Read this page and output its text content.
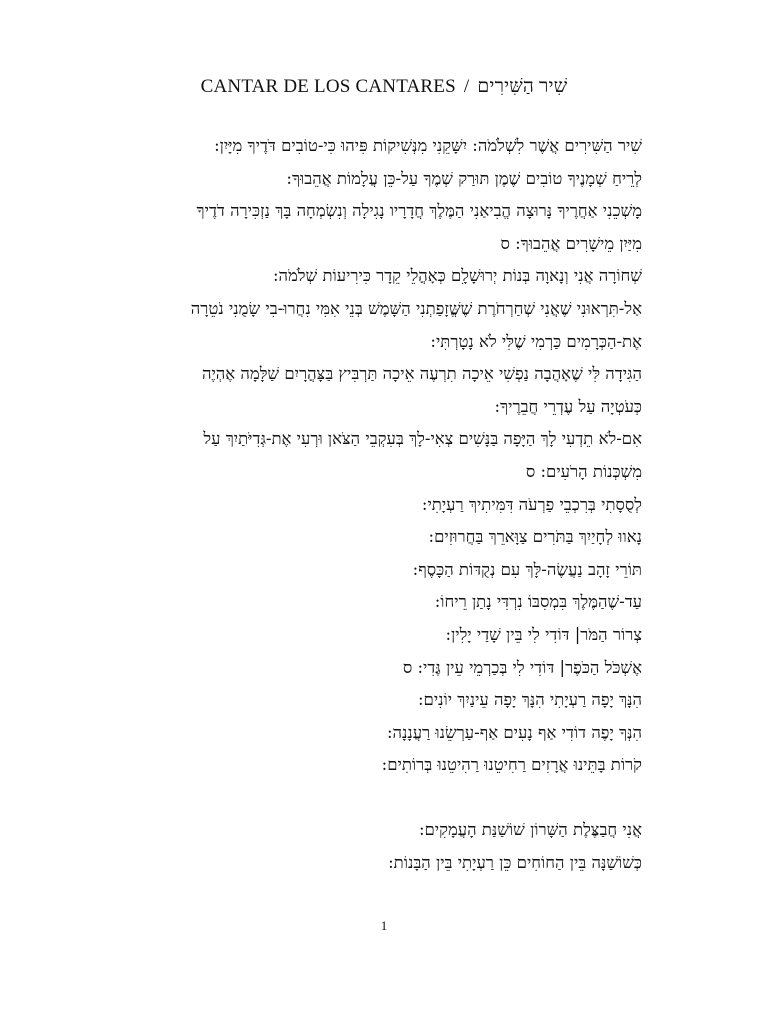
CANTAR DE LOS CANTARES / שִׁיר הַשִּׁירִים
שִׁיר הַשִּׁירִים אֲשֶׁר לִשְׁלֹמֹה: יִשָּׁקֵנִי מִנְּשִׁיקוֹת פִּיהוּ כִּי-טוֹבִים דֹּדֶיךָ מִיָּיִן:
לְרֵיחַ שְׁמָנֶיךָ טוֹבִים שֶׁמֶן תּוּרַק שְׁמֶךָ עַל-כֵּן עֲלָמוֹת אֲהֵבוּךָ:
מָשְׁכֵנִי אַחֲרֶיךָ נָּרוּצָה הֱבִיאַנִי הַמֶּלֶךְ חֲדָרָיו נָגִילָה וְנִשְׂמְחָה בָּךְ נַזְכִּירָה דֹדֶיךָ
מִיַּיִן מֵישָׁרִים אֲהֵבוּךָ: ס
שְׁחוֹרָה אֲנִי וְנָאוָה בְּנוֹת יְרוּשָׁלִָם כְּאָהֳלֵי קֵדָר כִּירִיעוֹת שְׁלֹמֹה:
אַל-תִּרְאוּנִי שֶׁאֲנִי שְׁחַרְחֹרֶת שֶׁשֱּׁזָפַתְנִי הַשָּׁמֶשׁ בְּנֵי אִמִּי נִחֲרוּ-בִי שָׂמֻנִי נֹטֵרָה
אֶת-הַכְּרָמִים כַּרְמִי שֶׁלִּי לֹא נָטָרְתִּי:
הַגִּידָה לִּי שֶׁאָהֲבָה נַפְשִׁי אֵיכָה תִרְעֶה אֵיכָה תַּרְבִּיץ בַּצָּהֳרָיִם שַׁלָּמָה אֶהְיֶה
כְּעֹטְיָה עַל עֶדְרֵי חֲבֵרֶיךָ:
אִם-לֹא תֵדְעִי לָךְ הַיָּפָה בַּנָּשִׁים צְאִי-לָךְ בְּעִקְבֵי הַצֹּאן וּרְעִי אֶת-גְּדִיֹּתַיִךְ עַל
מִשְׁכְּנוֹת הָרֹעִים: ס
לְסֻסָתִי בְּרִכְבֵי פַרְעֹה דִּמִּיתִיךְ רַעְיָתִי:
נָאווּ לְחָיַיִךְ בַּתֹּרִים צַוָּארֵךְ בַּחֲרוּזִים:
תּוֹרֵי זָהָב נַעֲשֶׂה-לָּךְ עִם נְקֻדּוֹת הַכָּסֶף:
עַד-שֶׁהַמֶּלֶךְ בִּמְסִבּוֹ נִרְדִּי נָתַן רֵיחוֹ:
צְרוֹר הַמֹּר| דּוֹדִי לִי בֵּין שָׁדַי יָלִין:
אֶשְׁכֹּל הַכֹּפֶר| דּוֹדִי לִי בְּכַרְמֵי עֵין גֶּדִי: ס
הִנָּךְ יָפָה רַעְיָתִי הִנָּךְ יָפָה עֵינַיִךְ יוֹנִים:
הִנְּךָ יָפֶה דוֹדִי אַף נָעִים אַף-עַרְשֵׂנוּ רַעֲנָנָה:
קֹרוֹת בָּתֵּינוּ אֲרָזִים רַחִיטֵנוּ רַהִיטֵנוּ בְּרוֹתִים:
אֲנִי חֲבַצֶּלֶת הַשָּׁרוֹן שׁוֹשַׁנַּת הָעֲמָקִים:
כְּשׁוֹשַׁנָּה בֵּין הַחוֹחִים כֵּן רַעְיָתִי בֵּין הַבָּנוֹת:
1
